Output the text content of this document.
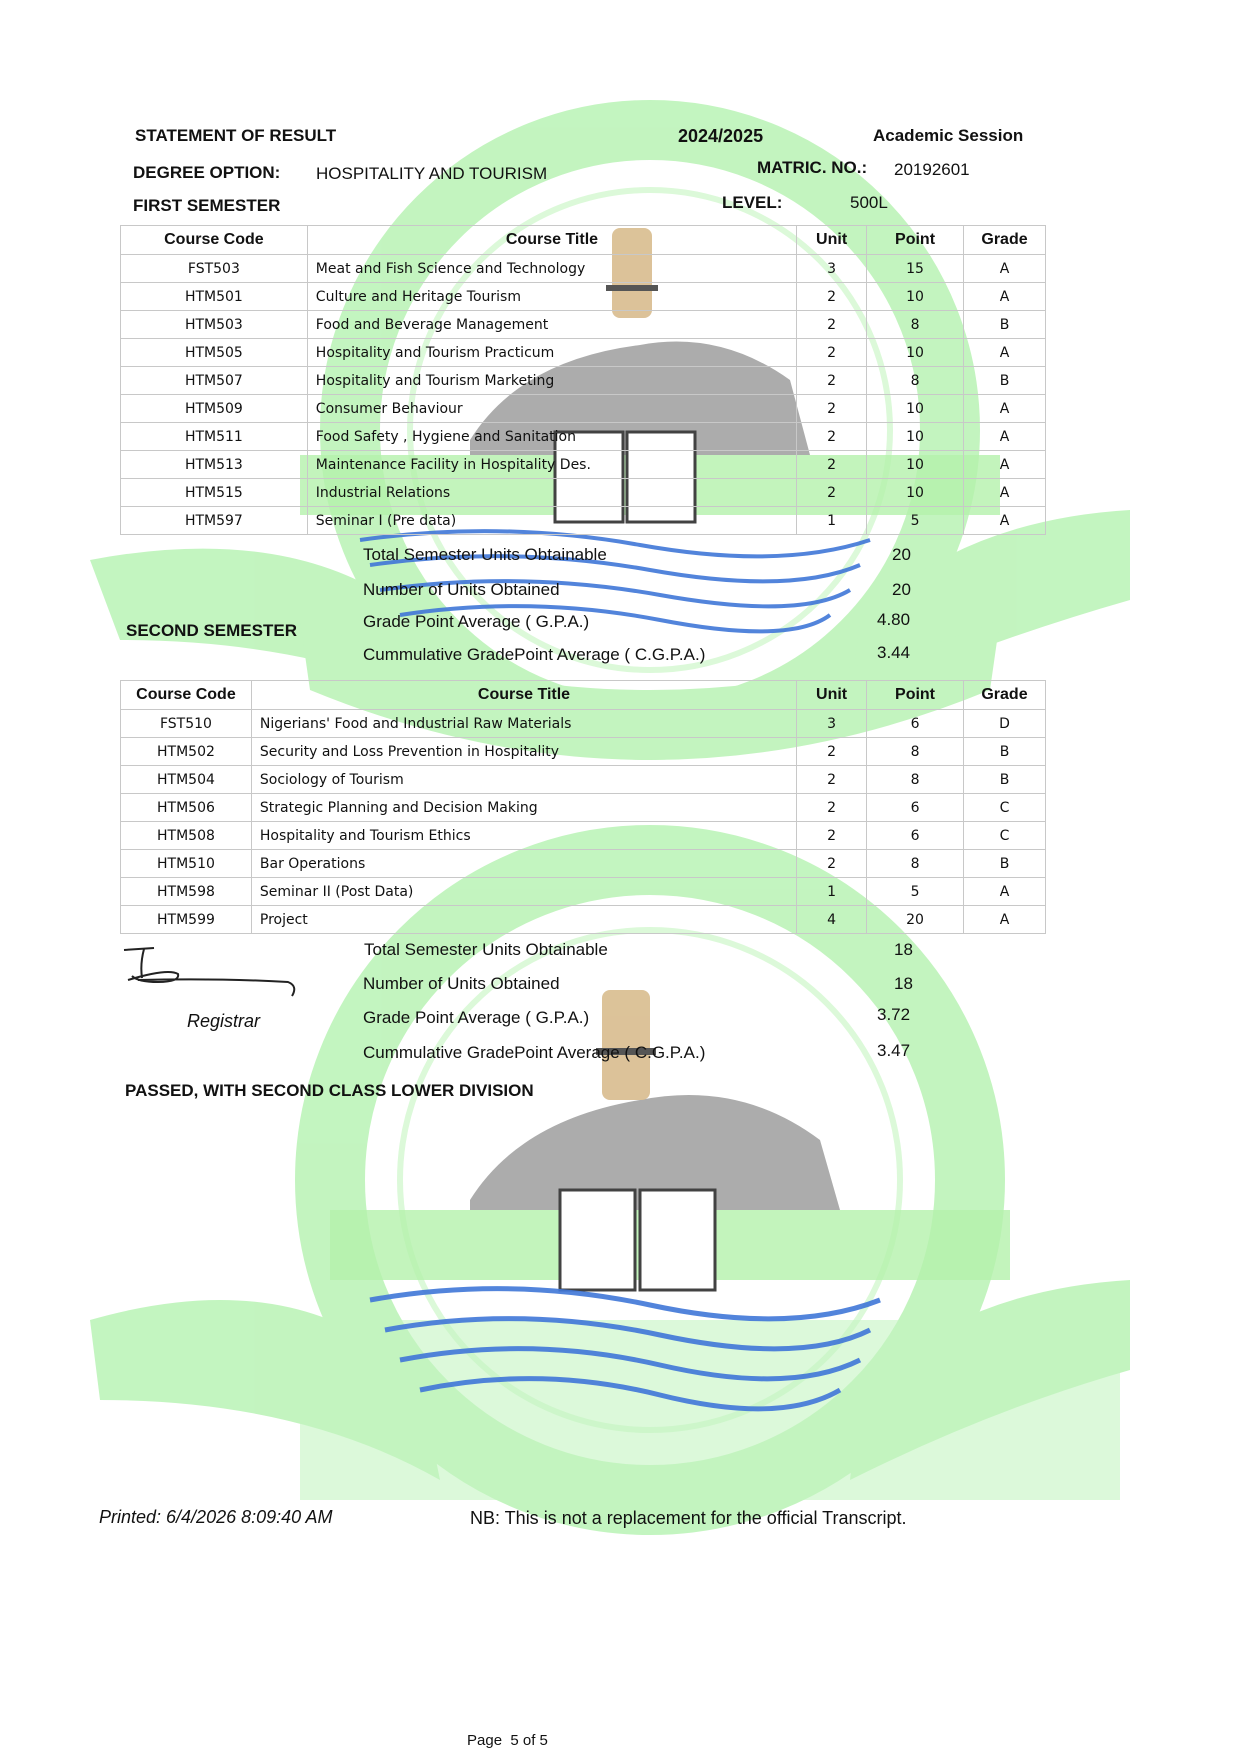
STATEMENT OF RESULT	2024/2025	Academic Session
DEGREE OPTION: HOSPITALITY AND TOURISM	MATRIC. NO.: 20192601
FIRST SEMESTER	LEVEL:	500L
Course Code	Course Title	Unit	Point	Grade
FST503	Meat and Fish Science and Technology	3	15	A
HTM501	Culture and Heritage Tourism	2	10	A
HTM503	Food and Beverage Management	2	8	B
HTM505	Hospitality and Tourism Practicum	2	10	A
HTM507	Hospitality and Tourism Marketing	2	8	B
HTM509	Consumer Behaviour	2	10	A
HTM511	Food Safety , Hygiene and Sanitation	2	10	A
HTM513	Maintenance Facility in Hospitality Des.	2	10	A
HTM515	Industrial Relations	2	10	A
HTM597	Seminar I (Pre data)	1	5	A
Total Semester Units Obtainable	20
Number of Units Obtained	20
SECOND SEMESTER	Grade Point Average ( G.P.A.)	4.80
Cummulative GradePoint Average ( C.G.P.A.)	3.44
Course Code	Course Title	Unit	Point	Grade
FST510	Nigerians' Food and Industrial Raw Materials	3	6	D
HTM502	Security and Loss Prevention in Hospitality	2	8	B
HTM504	Sociology of Tourism	2	8	B
HTM506	Strategic Planning and Decision Making	2	6	C
HTM508	Hospitality and Tourism Ethics	2	6	C
HTM510	Bar Operations	2	8	B
HTM598	Seminar II (Post Data)	1	5	A
HTM599	Project	4	20	A
Registrar
Total Semester Units Obtainable	18
Number of Units Obtained	18
Grade Point Average ( G.P.A.)	3.72
Cummulative GradePoint Average ( C.G.P.A.)	3.47
PASSED, WITH SECOND CLASS LOWER DIVISION
Printed: 6/4/2026 8:09:40 AM	NB: This is not a replacement for the official Transcript.
Page  5 of 5
